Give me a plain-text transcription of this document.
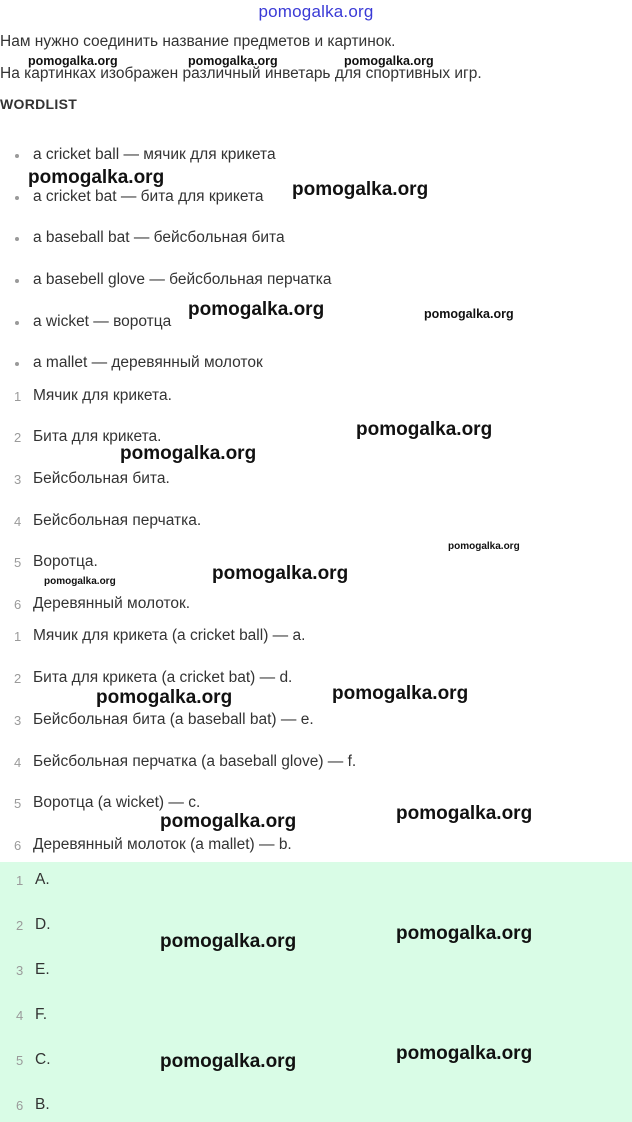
pomogalka.org
Нам нужно соединить название предметов и картинок.
На картинках изображен различный инветарь для спортивных игр.
WORDLIST
a cricket ball — мячик для крикета
a cricket bat — бита для крикета
a baseball bat — бейсбольная бита
a basebell glove — бейсбольная перчатка
a wicket — воротца
a mallet — деревянный молоток
1 Мячик для крикета.
2 Бита для крикета.
3 Бейсбольная бита.
4 Бейсбольная перчатка.
5 Воротца.
6 Деревянный молоток.
1 Мячик для крикета (a cricket ball) — a.
2 Бита для крикета (a cricket bat) — d.
3 Бейсбольная бита (a baseball bat) — e.
4 Бейсбольная перчатка (a baseball glove) — f.
5 Воротца (a wicket) — c.
6 Деревянный молоток (a mallet) — b.
1 A.
2 D.
3 E.
4 F.
5 C.
6 B.
pomogalka.org	pomogalka.org	pomogalka.org
pomogalka.org
pomogalka.org
pomogalka.org	pomogalka.org
pomogalka.org
pomogalka.org
pomogalka.org
pomogalka.org
pomogalka.org
pomogalka.org
pomogalka.org
pomogalka.org
pomogalka.org
pomogalka.org
pomogalka.org
pomogalka.org
pomogalka.org
